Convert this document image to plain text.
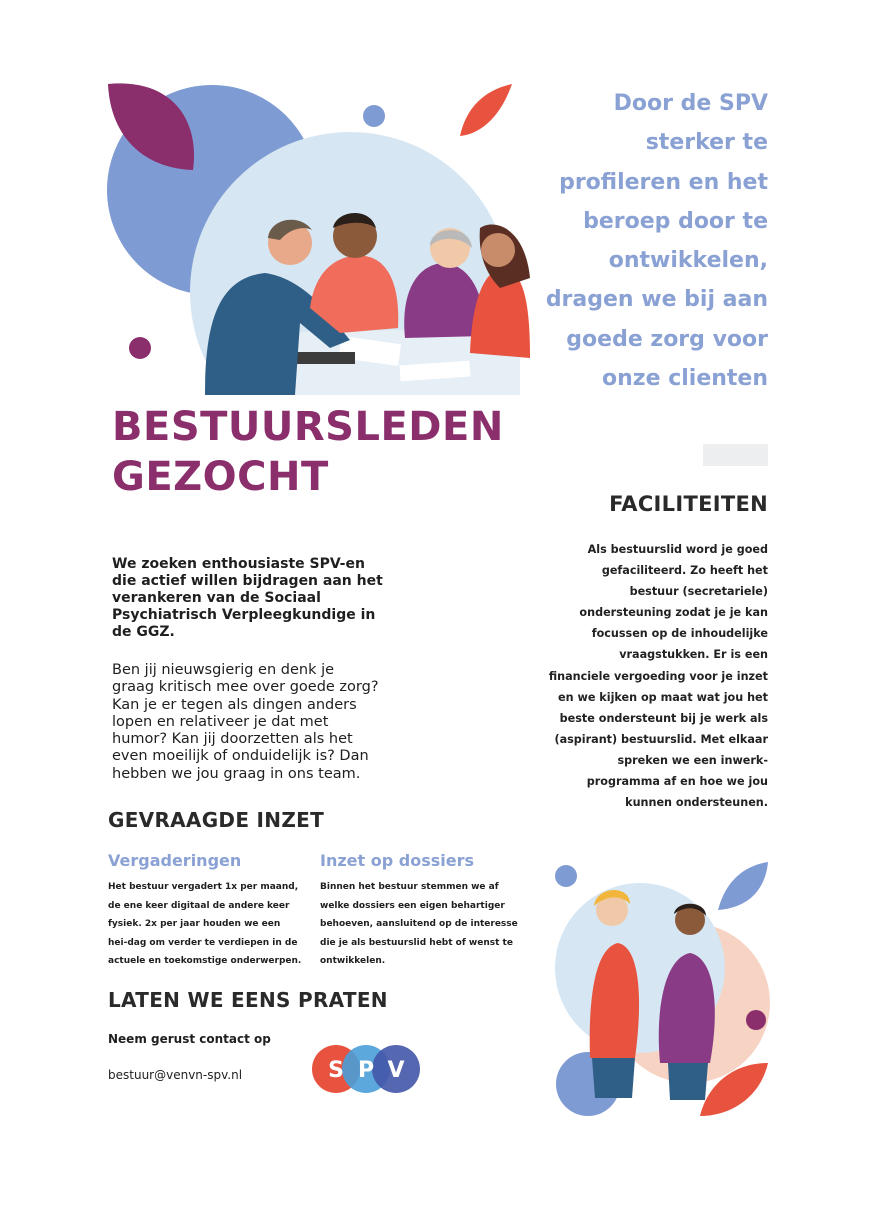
BESTUURSLEDEN
GEZOCHT
Door de SPV
sterker te
profileren en het
beroep door te
ontwikkelen,
dragen we bij aan
goede zorg voor
onze clienten
FACILITEITEN
Als bestuurslid word je goed
gefaciliteerd. Zo heeft het
bestuur (secretariele)
ondersteuning zodat je je kan
focussen op de inhoudelijke
vraagstukken. Er is een
financiele vergoeding voor je inzet
en we kijken op maat wat jou het
beste ondersteunt bij je werk als
(aspirant) bestuurslid. Met elkaar
spreken we een inwerk-
programma af en hoe we jou
kunnen ondersteunen.
We zoeken enthousiaste SPV-en
die actief willen bijdragen aan het
verankeren van de Sociaal
Psychiatrisch Verpleegkundige in
de GGZ.
Ben jij nieuwsgierig en denk je
graag kritisch mee over goede zorg?
Kan je er tegen als dingen anders
lopen en relativeer je dat met
humor? Kan jij doorzetten als het
even moeilijk of onduidelijk is? Dan
hebben we jou graag in ons team.
GEVRAAGDE INZET
Vergaderingen
Het bestuur vergadert 1x per maand,
de ene keer digitaal de andere keer
fysiek. 2x per jaar houden we een
hei-dag om verder te verdiepen in de
actuele en toekomstige onderwerpen.
Inzet op dossiers
Binnen het bestuur stemmen we af
welke dossiers een eigen behartiger
behoeven, aansluitend op de interesse
die je als bestuurslid hebt of wenst te
ontwikkelen.
LATEN WE EENS PRATEN
Neem gerust contact op
bestuur@venvn-spv.nl	S P V
